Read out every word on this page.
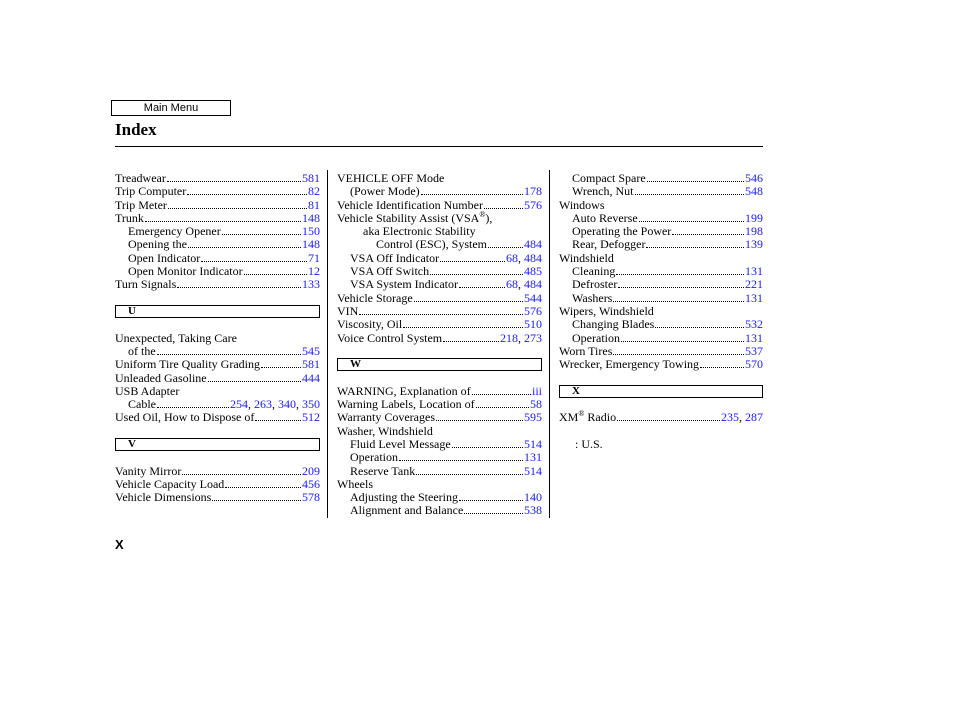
Main Menu
Index
Treadwear	581
Trip Computer	82
Trip Meter	81
Trunk	148
Emergency Opener	150
Opening the	148
Open Indicator	71
Open Monitor Indicator	12
Turn Signals	133
U
Unexpected, Taking Care
of the	545
Uniform Tire Quality Grading	581
Unleaded Gasoline	444
USB Adapter
Cable	254, 263, 340, 350
Used Oil, How to Dispose of	512
V
Vanity Mirror	209
Vehicle Capacity Load	456
Vehicle Dimensions	578
VEHICLE OFF Mode
(Power Mode)	178
Vehicle Identification Number	576
Vehicle Stability Assist (VSA®),
aka Electronic Stability
Control (ESC), System	484
VSA Off Indicator	68, 484
VSA Off Switch	485
VSA System Indicator	68, 484
Vehicle Storage	544
VIN	576
Viscosity, Oil	510
Voice Control System	218, 273
W
WARNING, Explanation of	iii
Warning Labels, Location of	58
Warranty Coverages	595
Washer, Windshield
Fluid Level Message	514
Operation	131
Reserve Tank	514
Wheels
Adjusting the Steering	140
Alignment and Balance	538
Compact Spare	546
Wrench, Nut	548
Windows
Auto Reverse	199
Operating the Power	198
Rear, Defogger	139
Windshield
Cleaning	131
Defroster	221
Washers	131
Wipers, Windshield
Changing Blades	532
Operation	131
Worn Tires	537
Wrecker, Emergency Towing	570
X
XM® Radio	235, 287
: U.S.
X
